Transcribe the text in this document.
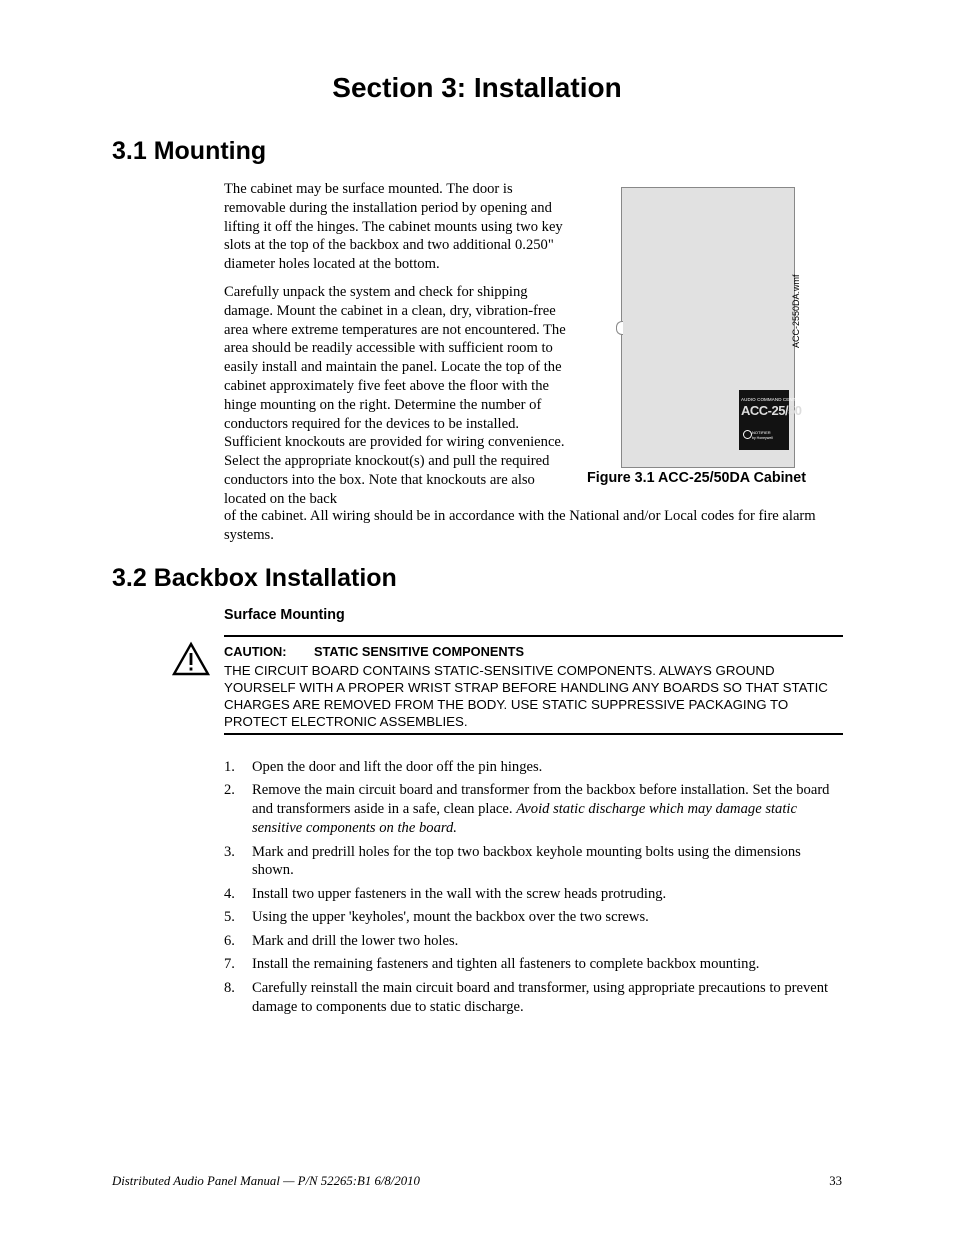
Section 3: Installation
3.1 Mounting
The cabinet may be surface mounted. The door is removable during the installation period by opening and lifting it off the hinges. The cabinet mounts using two key slots at the top of the backbox and two additional 0.250" diameter holes located at the bottom.
Carefully unpack the system and check for shipping damage. Mount the cabinet in a clean, dry, vibration-free area where extreme temperatures are not encountered. The area should be readily accessible with sufficient room to easily install and maintain the panel. Locate the top of the cabinet approximately five feet above the floor with the hinge mounting on the right. Determine the number of conductors required for the devices to be installed. Sufficient knockouts are provided for wiring convenience. Select the appropriate knockout(s) and pull the required conductors into the box. Note that knockouts are also located on the back
of the cabinet. All wiring should be in accordance with the National and/or Local codes for fire alarm systems.
ACC-2550DA.wmf
AUDIO COMMAND CENTER
ACC-25/50
NOTIFIER
by Honeywell
Figure 3.1 ACC-25/50DA Cabinet
3.2 Backbox Installation
Surface Mounting
CAUTION: STATIC SENSITIVE COMPONENTS
THE CIRCUIT BOARD CONTAINS STATIC-SENSITIVE COMPONENTS. ALWAYS GROUND YOURSELF WITH A PROPER WRIST STRAP BEFORE HANDLING ANY BOARDS SO THAT STATIC CHARGES ARE REMOVED FROM THE BODY. USE STATIC SUPPRESSIVE PACKAGING TO PROTECT ELECTRONIC ASSEMBLIES.
1. Open the door and lift the door off the pin hinges.
2. Remove the main circuit board and transformer from the backbox before installation. Set the board and transformers aside in a safe, clean place. Avoid static discharge which may damage static sensitive components on the board.
3. Mark and predrill holes for the top two backbox keyhole mounting bolts using the dimensions shown.
4. Install two upper fasteners in the wall with the screw heads protruding.
5. Using the upper 'keyholes', mount the backbox over the two screws.
6. Mark and drill the lower two holes.
7. Install the remaining fasteners and tighten all fasteners to complete backbox mounting.
8. Carefully reinstall the main circuit board and transformer, using appropriate precautions to prevent damage to components due to static discharge.
Distributed Audio Panel Manual — P/N 52265:B1 6/8/2010	33
